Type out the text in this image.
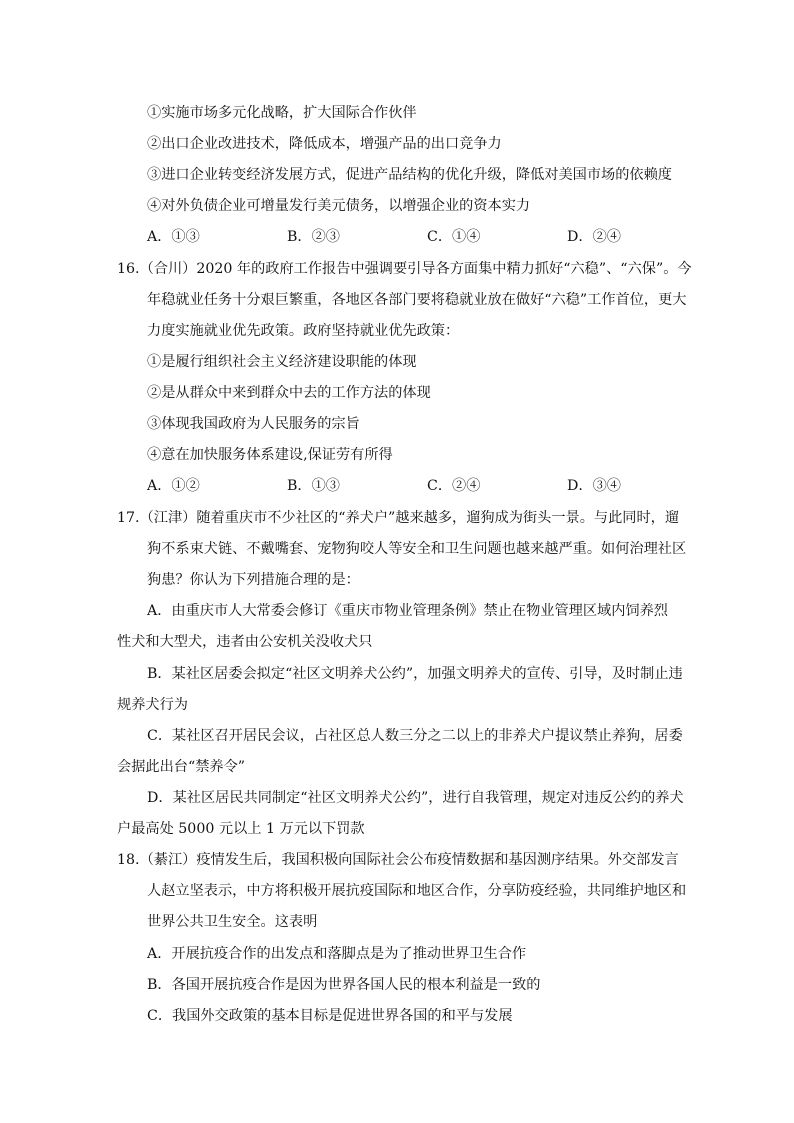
①实施市场多元化战略，扩大国际合作伙伴
②出口企业改进技术，降低成本，增强产品的出口竞争力
③进口企业转变经济发展方式，促进产品结构的优化升级，降低对美国市场的依赖度
④对外负债企业可增量发行美元债务，以增强企业的资本实力
A．①③	B．②③	C．①④	D．②④
16.（合川）2020 年的政府工作报告中强调要引导各方面集中精力抓好“六稳”、“六保”。今
年稳就业任务十分艰巨繁重，各地区各部门要将稳就业放在做好“六稳”工作首位，更大
力度实施就业优先政策。政府坚持就业优先政策：
①是履行组织社会主义经济建设职能的体现
②是从群众中来到群众中去的工作方法的体现
③体现我国政府为人民服务的宗旨
④意在加快服务体系建设,保证劳有所得
A．①②	B．①③	C．②④	D．③④
17.（江津）随着重庆市不少社区的“养犬户”越来越多，遛狗成为街头一景。与此同时，遛
狗不系束犬链、不戴嘴套、宠物狗咬人等安全和卫生问题也越来越严重。如何治理社区
狗患？你认为下列措施合理的是：
A．由重庆市人大常委会修订《重庆市物业管理条例》禁止在物业管理区域内饲养烈
性犬和大型犬，违者由公安机关没收犬只
B．某社区居委会拟定“社区文明养犬公约”，加强文明养犬的宣传、引导，及时制止违
规养犬行为
C．某社区召开居民会议，占社区总人数三分之二以上的非养犬户提议禁止养狗，居委
会据此出台“禁养令”
D．某社区居民共同制定“社区文明养犬公约”，进行自我管理，规定对违反公约的养犬
户最高处 5000 元以上 1 万元以下罚款
18.（綦江）疫情发生后，我国积极向国际社会公布疫情数据和基因测序结果。外交部发言
人赵立坚表示，中方将积极开展抗疫国际和地区合作，分享防疫经验，共同维护地区和
世界公共卫生安全。这表明
A．开展抗疫合作的出发点和落脚点是为了推动世界卫生合作
B．各国开展抗疫合作是因为世界各国人民的根本利益是一致的
C．我国外交政策的基本目标是促进世界各国的和平与发展
